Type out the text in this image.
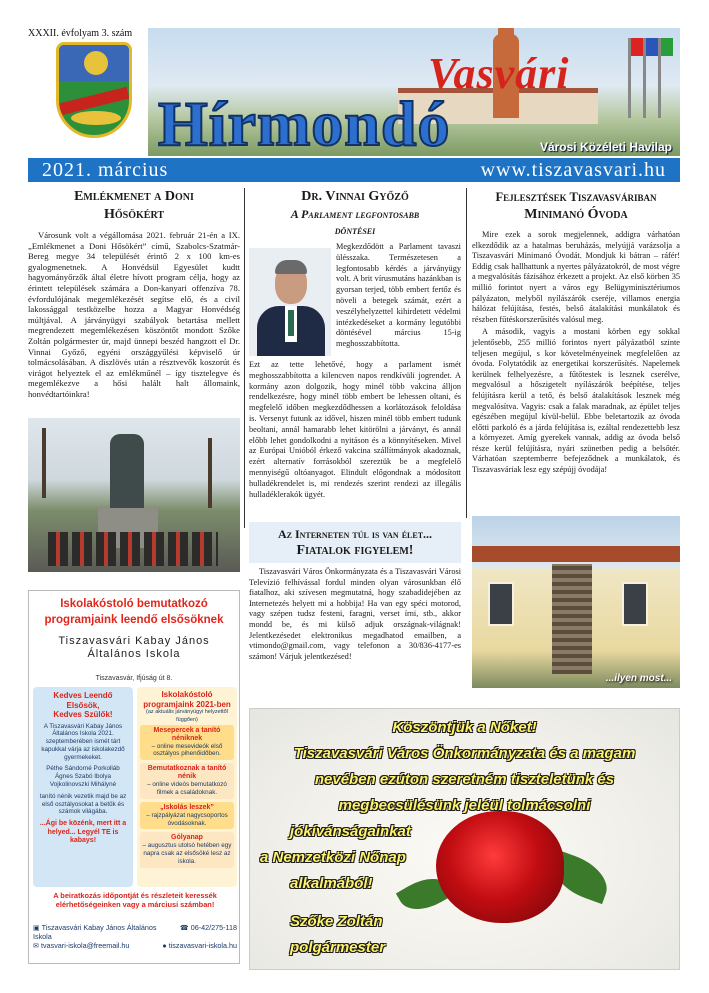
XXXII. évfolyam 3. szám
Vasvári
Hírmondó	Városi Közéleti Havilap
2021. március	www.tiszavasvari.hu
Emlékmenet a Doni
Hősökért

Városunk volt a végállomása 2021. február 21-én a IX. „Emlékmenet a Doni Hősökért” című, Szabolcs-Szatmár-Bereg megye 34 települését érintő 2 x 100 km-es gyalogmenetnek. A Honvédsül Egyesület kudtt hagyományőrzők által életre hívott program célja, hogy az érintett települések számára a Don-kanyari offenzíva 78. évfordulójának megemlékezését segítse elő, és a civil lakossággal testközelbe hozza a Magyar Honvédség múltjával. A járványügyi szabályok betartása mellett megrendezett megemlékezésen köszöntőt mondott Szőke Zoltán polgármester úr, majd ünnepi beszéd hangzott el Dr. Vinnai Győző, egyéni országgyűlési képviselő úr tolmácsolásában. A díszlövés után a résztvevők koszorút és virágot helyeztek el az emlékműnél – így tisztelegve és megemlékezve a hősi halált halt állomaink, honvédtartóinkra!

Dr. Vinnai Győző
A Parlament legfontosabb
döntései
Megkezdődött a Parlament tavaszi ülésszaka. Természetesen a legfontosabb kérdés a járványügy volt. A brit vírusmutáns hazánkban is gyorsan terjed, több embert fertőz és növeli a betegek számát, ezért a veszélyhelyzettel kihirdetett védelmi intézkedéseket a kormány legutóbbi döntésével március 15-ig meghosszabbította.
Ezt az tette lehetővé, hogy a parlament ismét meghosszabbította a kilencven napos rendkívüli jogrendet. A kormány azon dolgozik, hogy minél több vakcina álljon rendelkezésre, hogy minél több embert be lehessen oltani, és megfelelő időben megkezdődhessen a korlátozások feloldása is. Versenyt futunk az idővel, hiszen minél több embert tudunk beoltani, annál hamarabb lehet kitörölni a járványt, és annál előbb lehet gondolkodni a nyitáson és a könnyítéseken. Mivel az Európai Unióból érkező vakcina szállítmányok akadoznak, ezért alternatív forrásokból szereztük be a megfelelő mennyiségű oltóanyagot. Elindult előgondnak a módosított hulladékrendelet is, mi rendezés szerint rendezi az illegális hulladéklerakók ügyét.
Fejlesztések Tiszavasváriban
Minimanó Óvoda

Mire ezek a sorok megjelennek, addigra várhatóan elkezdődik az a hatalmas beruházás, melyújjá varázsolja a Tiszavasvári Minimanó Óvodát. Mondjuk ki bátran – ráfér! Eddig csak hallhattunk a nyertes pályázatokról, de most végre a megvalósítás fázisához érkezett a projekt. Az első körben 35 millió forintot nyert a város egy Belügyminisztériumos pályázaton, melyből nyílászárók cseréje, villamos energia hálózat felújítása, festés, belső átalakítási munkálatok és részben fűtéskorszerűsítés valósul meg.

A második, vagyis a mostani körben egy sokkal jelentősebb, 255 millió forintos nyert pályázatból szinte teljesen megújul, s kor követelményeinek megfelelően az óvoda. Folytatódik az energetikai korszerűsítés. Napelemek kerülnek felhelyezésre, a fűtőtestek is lesznek cserélve, megvalósul a hőszigetelt nyílászárók beépítése, teljes felújításra kerül a tető, és belső átalakítások lesznek még megvalósítva. Vagyis: csak a falak maradnak, az épület teljes egészében megújul kívül-belül. Ebbe beletartozik az óvoda előtti parkoló és a járda felújítása is, ezáltal rendezettebb lesz a környezet. Amíg gyerekek vannak, addig az óvoda belső része kerül felújításra, nyári szünetben pedig a belsőtér. Várhatóan szeptemberre befejeződnek a munkálatok, és Tiszavasváriak lesz egy szépújj óvodája!

...ilyen most...
Az Interneten túl is van élet...
Fiatalok figyelem!

Tiszavasvári Város Önkormányzata és a Tiszavasvári Városi Televízió felhívással fordul minden olyan városunkban élő fiatalhoz, aki szívesen megmutatná, hogy szabadidejében az Internetezés helyett mi a hobbija! Ha van egy spéci motorod, vagy szépen tudsz festeni, faragni, verset írni, stb., akkor mondd be, és mi külső adjuk országnak-világnak! Jelentkezésedet elektronikus megadhatod emailben, a vtimondo@gmail.com, vagy telefonon a 30/836-4177-es számon! Várjuk jelentkezésed!

Iskolakóstoló bemutatkozó
programjaink leendő elsősöknek
Tiszavasvári Kabay János
Általános Iskola
Tiszavasvár, Ifjúság út 8.
Kedves Leendő Elsősök,
Kedves Szülők!
A Tiszavasvári Kabay János Általános Iskola 2021. szeptemberében ismét tárt kapukkal várja az iskolakezdő gyermekeket.
Péthe Sándorné Porkolláb Ágnes Szabó Ibolya Vojkolinovszki Mihályné
tanító nénik vezetik majd be az első osztályosokat a betűk és számok világába.
...Ági be közénk, mert itt a helyed... Legyél TE is kabays!
Iskolakóstoló
programjaink 2021-ben
(az aktuális járványügyi helyzettől függően)
Mesepercek a tanító néniknek
– online mesevideók első osztályos pihenőidőben.
Bemutatkoznak a tanító nénik
– online videós bemutatkozó filmek a családoknak.
„Iskolás leszek”
– rajzpályázat nagycsoportos óvodásoknak.
Gólyanap
– augusztus utolsó hetében egy napra csak az elsősöké lesz az iskola.
A beiratkozás időpontját és részleteit keressék elérhetőségeinken vagy a márciusi számban!
▣ Tiszavasvári Kabay János Általános Iskola
☎ 06-42/275-118
✉ tvasvari-iskola@freemail.hu	● tiszavasvari-iskola.hu
Köszöntjük a Nőket!
Tiszavasvári Város Önkormányzata és a magam
nevében ezúton szeretném tiszteletünk és
megbecsülésünk jeléül tolmácsolni
jókívánságainkat
a Nemzetközi Nőnap
alkalmából!
Szőke Zoltán
polgármester
